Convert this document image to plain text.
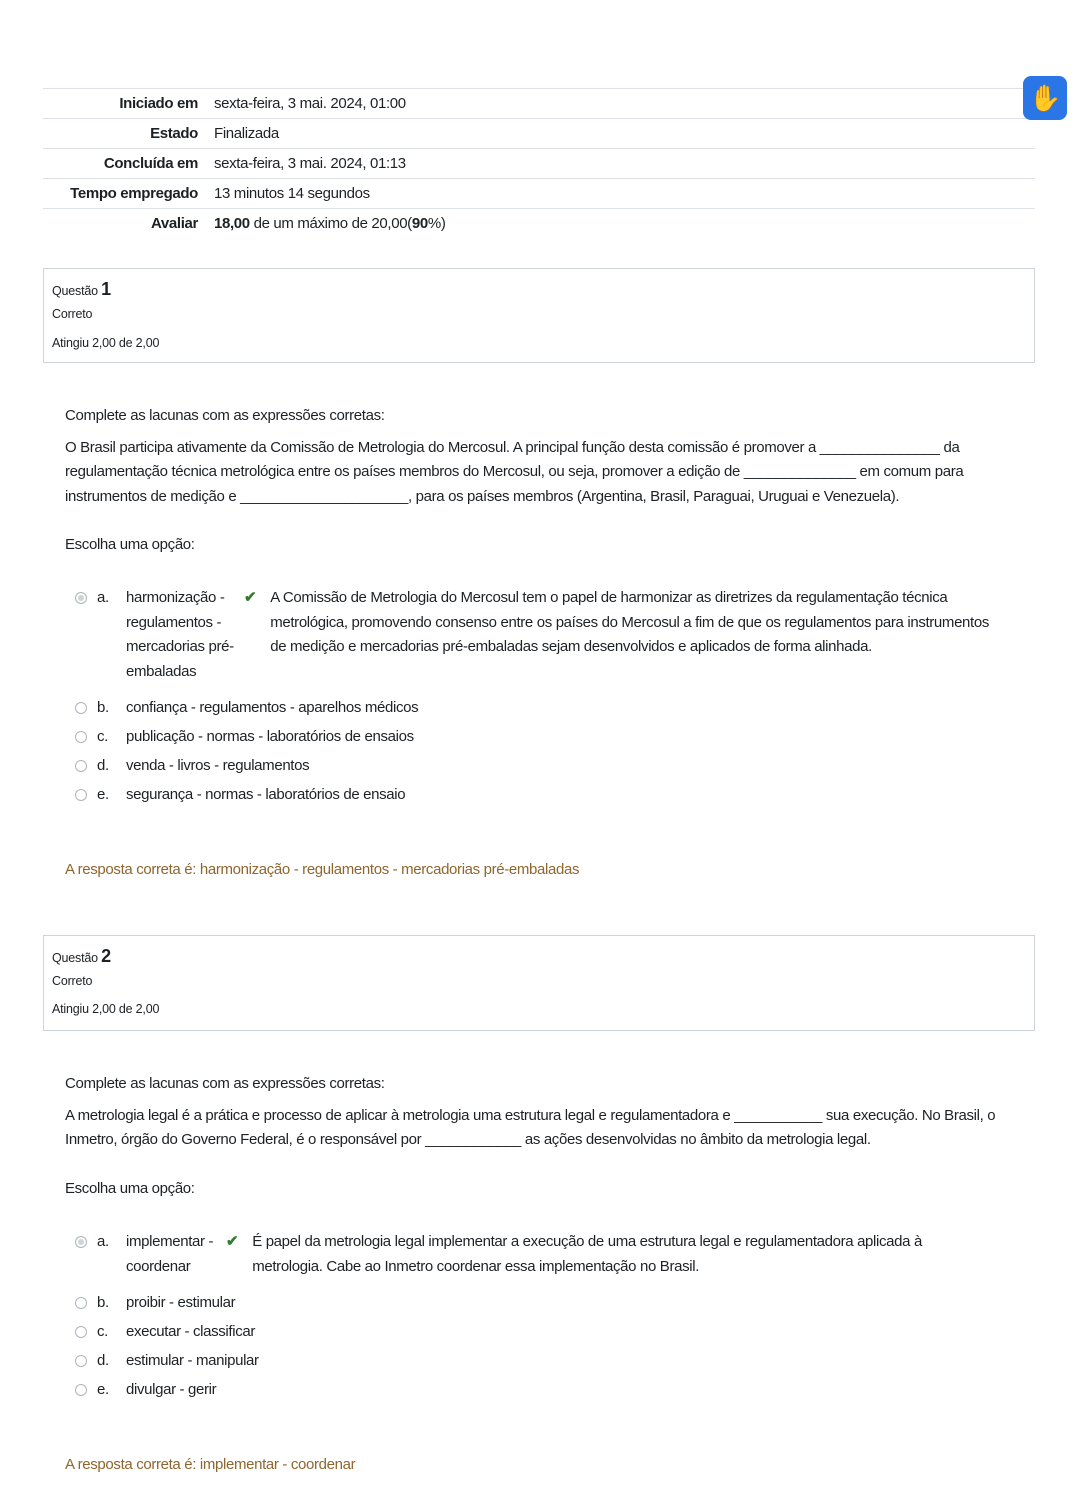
Iniciado em	sexta-feira, 3 mai. 2024, 01:00
Estado	Finalizada
Concluída em	sexta-feira, 3 mai. 2024, 01:13
Tempo empregado	13 minutos 14 segundos
Avaliar	18,00 de um máximo de 20,00(90%)
✋
Questão 1
Correto
Atingiu 2,00 de 2,00

Complete as lacunas com as expressões corretas:

O Brasil participa ativamente da Comissão de Metrologia do Mercosul. A principal função desta comissão é promover a _______________ da regulamentação técnica metrológica entre os países membros do Mercosul, ou seja, promover a edição de ______________ em comum para instrumentos de medição e _____________________, para os países membros (Argentina, Brasil, Paraguai, Uruguai e Venezuela).

Escolha uma opção:

a.	harmonização - regulamentos - mercadorias pré-embaladas
✔ A Comissão de Metrologia do Mercosul tem o papel de harmonizar as diretrizes da regulamentação técnica metrológica, promovendo consenso entre os países do Mercosul a fim de que os regulamentos para instrumentos de medição e mercadorias pré-embaladas sejam desenvolvidos e aplicados de forma alinhada.
b.	confiança - regulamentos - aparelhos médicos
c.	publicação - normas - laboratórios de ensaios
d.	venda - livros - regulamentos
e.	segurança - normas - laboratórios de ensaio
A resposta correta é: harmonização - regulamentos - mercadorias pré-embaladas
Questão 2
Correto
Atingiu 2,00 de 2,00

Complete as lacunas com as expressões corretas:

A metrologia legal é a prática e processo de aplicar à metrologia uma estrutura legal e regulamentadora e ___________ sua execução. No Brasil, o Inmetro, órgão do Governo Federal, é o responsável por ____________ as ações desenvolvidas no âmbito da metrologia legal.

Escolha uma opção:

a.	implementar - coordenar
✔ É papel da metrologia legal implementar a execução de uma estrutura legal e regulamentadora aplicada à metrologia. Cabe ao Inmetro coordenar essa implementação no Brasil.
b.	proibir - estimular
c.	executar - classificar
d.	estimular - manipular
e.	divulgar - gerir
A resposta correta é: implementar - coordenar
